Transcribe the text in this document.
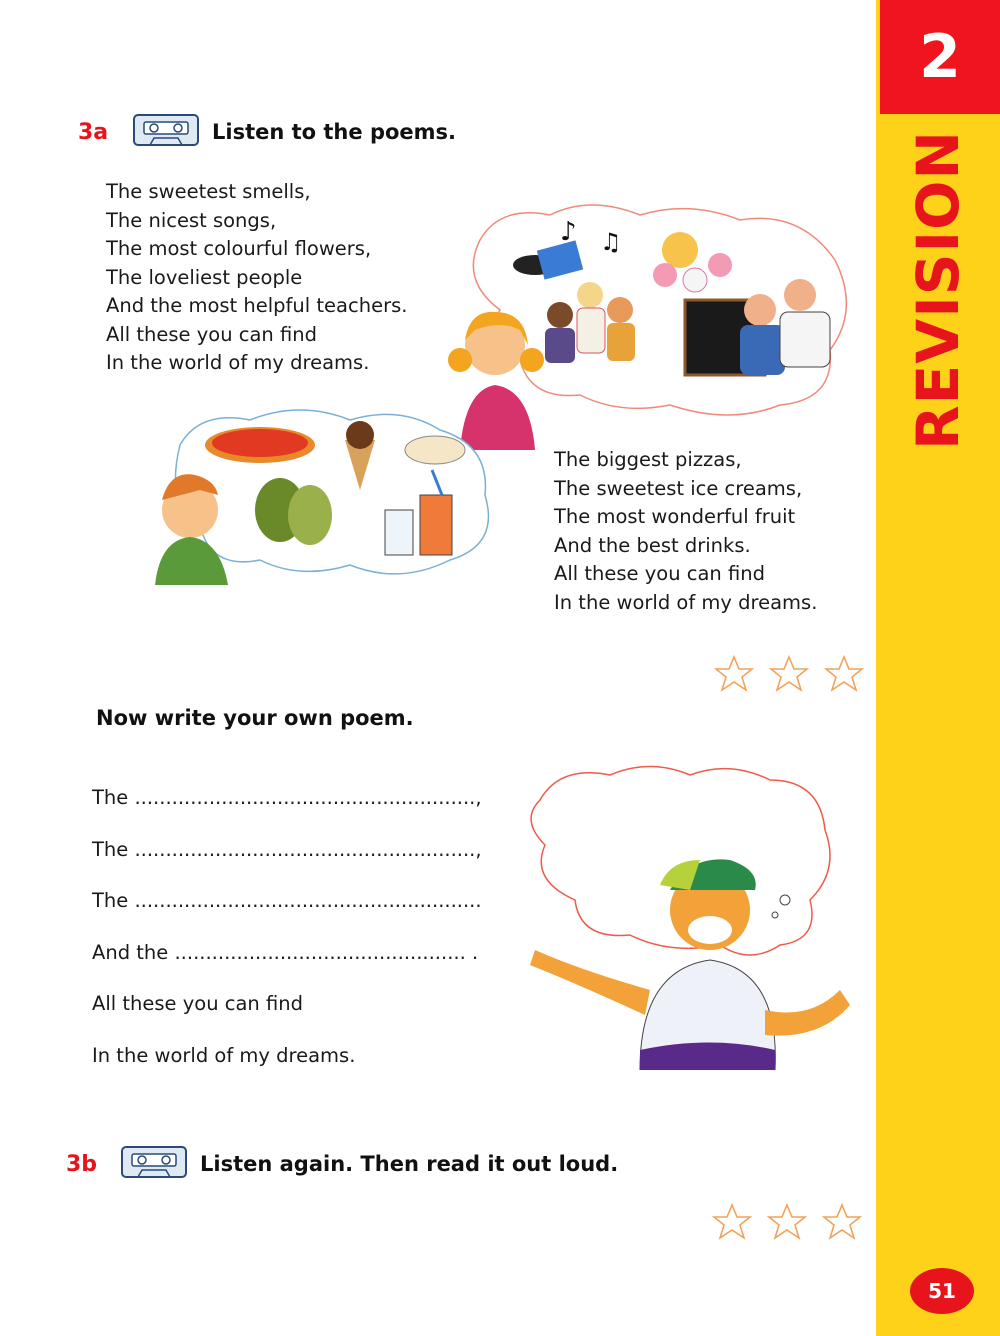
2
REVISION
51
3a	Listen to the poems.
The sweetest smells,
The nicest songs,
The most colourful flowers,
The loveliest people
And the most helpful teachers.
All these you can find
In the world of my dreams.
♪ ♫
The biggest pizzas,
The sweetest ice creams,
The most wonderful fruit
And the best drinks.
All these you can find
In the world of my dreams.
Now write your own poem.
The .......................................................,
The .......................................................,
The ........................................................
And the ............................................... .
All these you can find
In the world of my dreams.
3b	Listen again. Then read it out loud.
